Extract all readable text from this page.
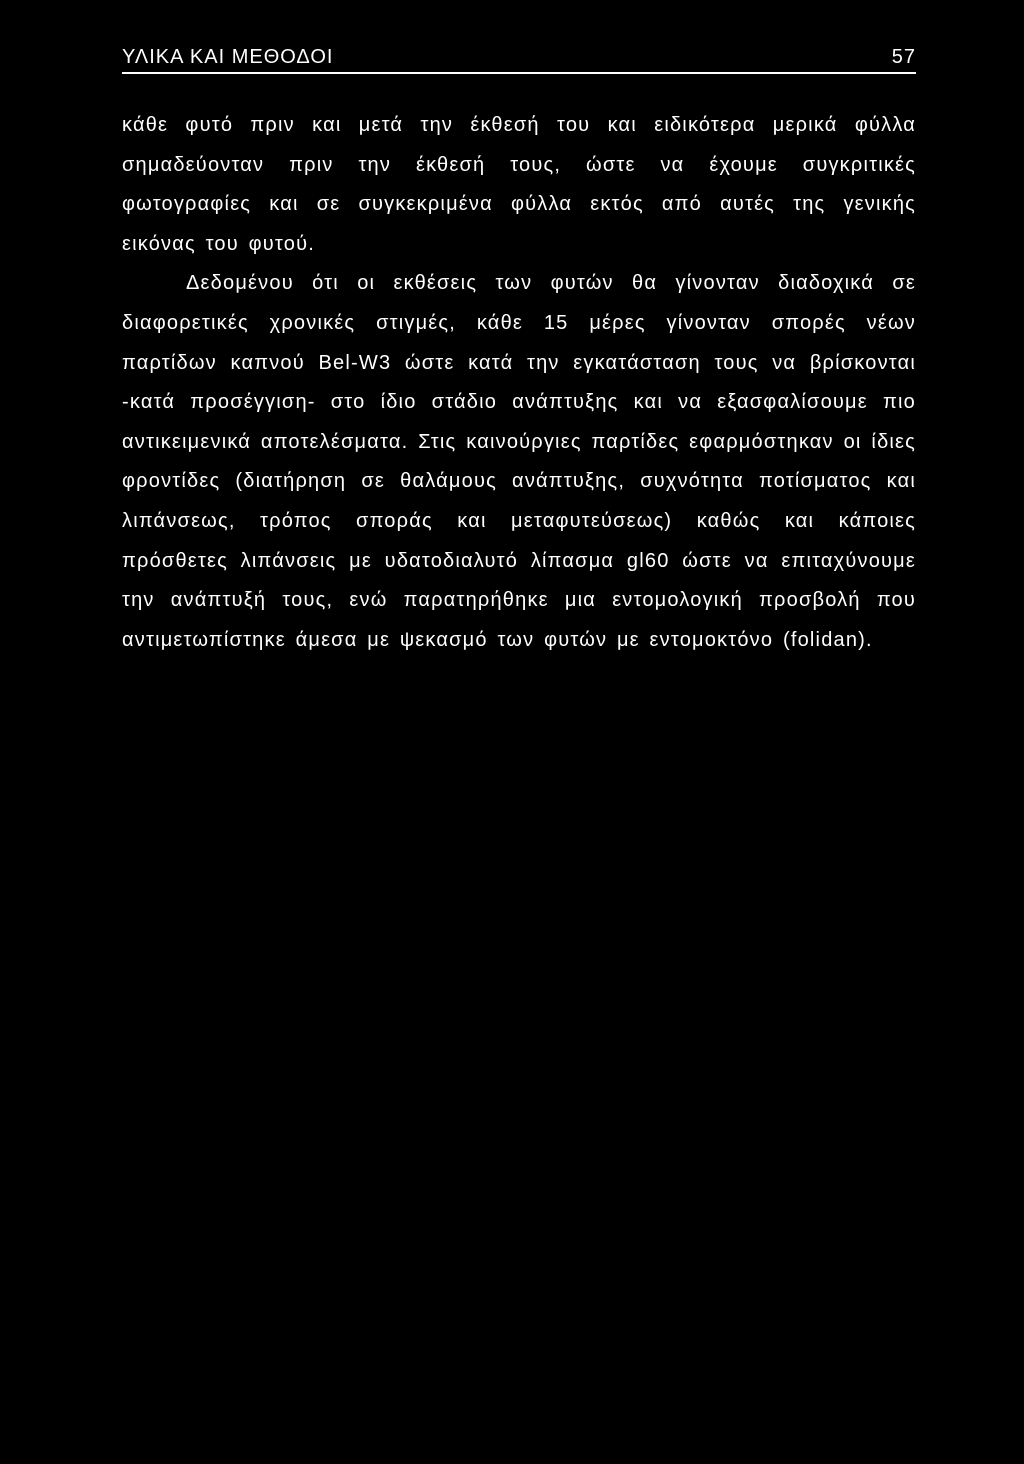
ΥΛΙΚΑ ΚΑΙ ΜΕΘΟΔΟΙ	57

κάθε φυτό πριν και μετά την έκθεσή του και ειδικότερα μερικά φύλλα σημαδεύονταν πριν την έκθεσή τους, ώστε να έχουμε συγκριτικές φωτογραφίες και σε συγκεκριμένα φύλλα εκτός από αυτές της γενικής εικόνας του φυτού.

Δεδομένου ότι οι εκθέσεις των φυτών θα γίνονταν διαδοχικά σε διαφορετικές χρονικές στιγμές, κάθε 15 μέρες γίνονταν σπορές νέων παρτίδων καπνού Bel-W3 ώστε κατά την εγκατάσταση τους να βρίσκονται -κατά προσέγγιση- στο ίδιο στάδιο ανάπτυξης και να εξασφαλίσουμε πιο αντικειμενικά αποτελέσματα. Στις καινούργιες παρτίδες εφαρμόστηκαν οι ίδιες φροντίδες (διατήρηση σε θαλάμους ανάπτυξης, συχνότητα ποτίσματος και λιπάνσεως, τρόπος σποράς και μεταφυτεύσεως) καθώς και κάποιες πρόσθετες λιπάνσεις με υδατοδιαλυτό λίπασμα gl60 ώστε να επιταχύνουμε την ανάπτυξή τους, ενώ παρατηρήθηκε μια εντομολογική προσβολή που αντιμετωπίστηκε άμεσα με ψεκασμό των φυτών με εντομοκτόνο (folidan).
